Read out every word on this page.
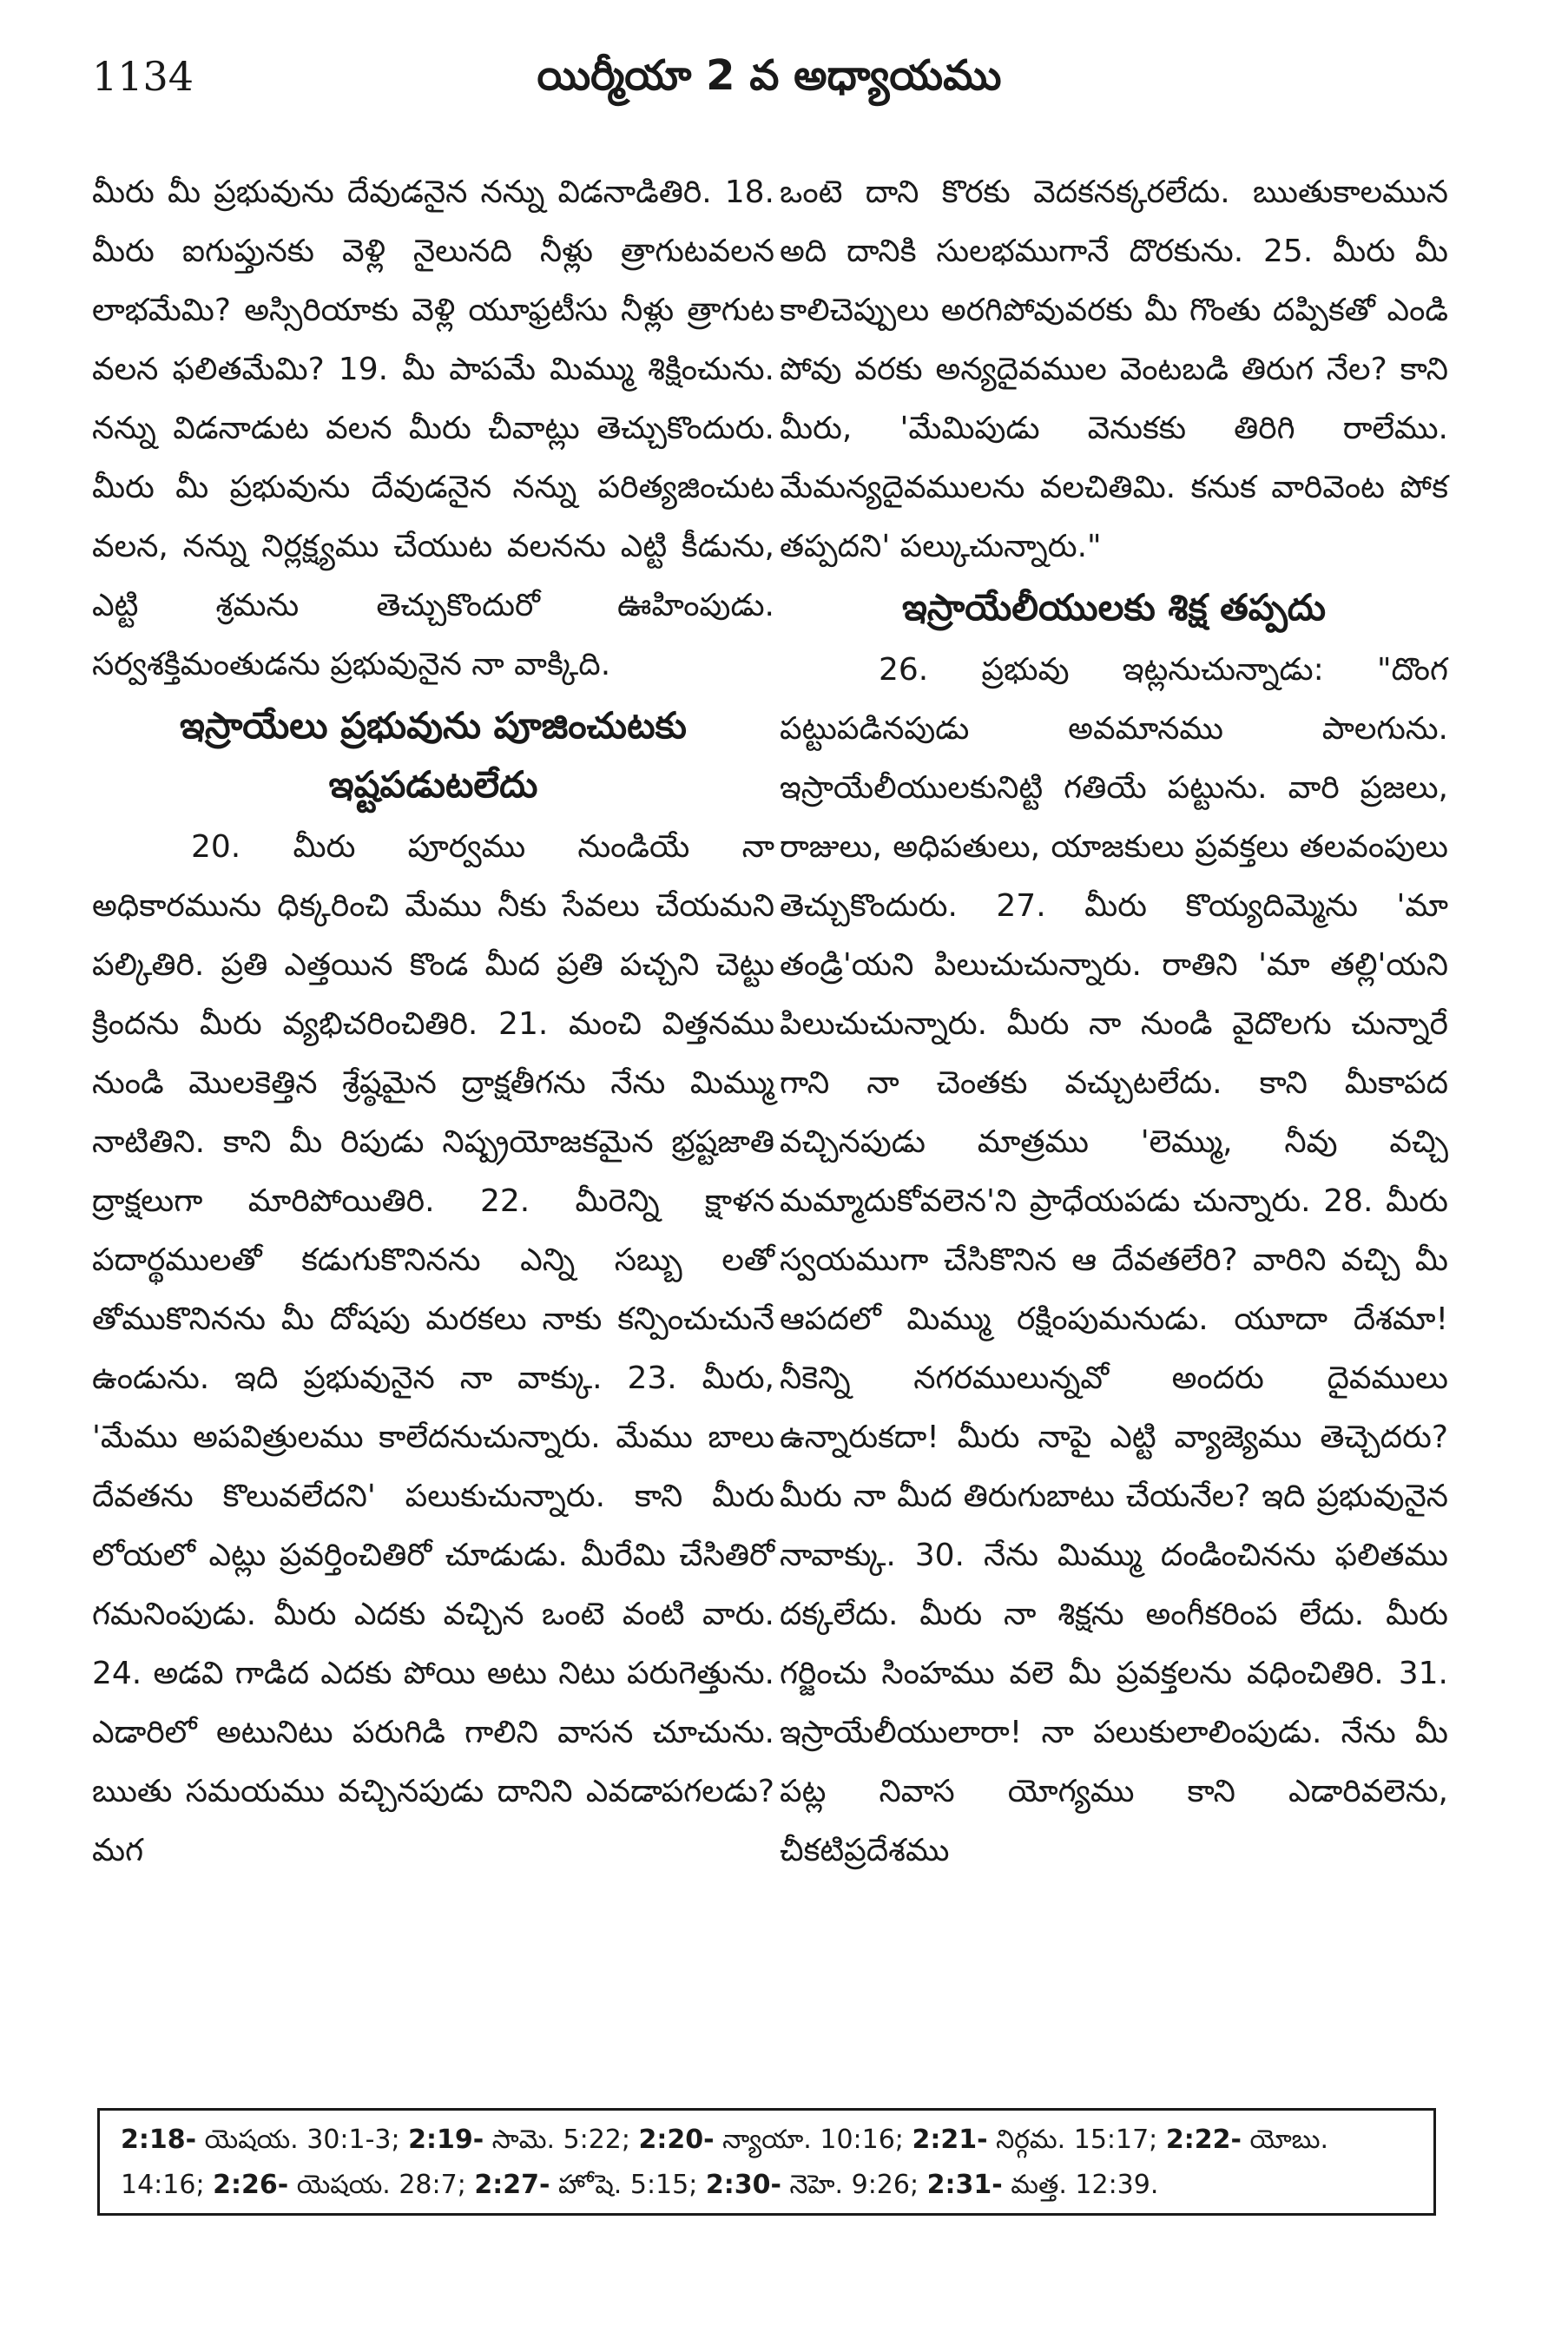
1134	యిర్మీయా 2 వ అధ్యాయము

మీరు మీ ప్రభువును దేవుడనైన నన్ను విడనాడితిరి. 18. మీరు ఐగుప్తునకు వెళ్లి నైలునది నీళ్లు త్రాగుటవలన లాభమేమి? అస్సిరియాకు వెళ్లి యూఫ్రటీసు నీళ్లు త్రాగుట వలన ఫలితమేమి? 19. మీ పాపమే మిమ్ము శిక్షించును. నన్ను విడనాడుట వలన మీరు చీవాట్లు తెచ్చుకొందురు. మీరు మీ ప్రభువును దేవుడనైన నన్ను పరిత్యజించుట వలన, నన్ను నిర్లక్ష్యము చేయుట వలనను ఎట్టి కీడును, ఎట్టి శ్రమను తెచ్చుకొందురో ఊహింపుడు. సర్వశక్తిమంతుడను ప్రభువునైన నా వాక్కిది.

ఇస్రాయేలు ప్రభువును పూజించుటకు ఇష్టపడుటలేదు

20. మీరు పూర్వము నుండియే నా అధికారమును ధిక్కరించి మేము నీకు సేవలు చేయమని పల్కితిరి. ప్రతి ఎత్తయిన కొండ మీద ప్రతి పచ్చని చెట్టు క్రిందను మీరు వ్యభిచరించితిరి. 21. మంచి విత్తనము నుండి మొలకెత్తిన శ్రేష్ఠమైన ద్రాక్షతీగను నేను మిమ్ము నాటితిని. కాని మీ రిపుడు నిష్ప్రయోజకమైన భ్రష్టజాతి ద్రాక్షలుగా మారిపోయితిరి. 22. మీరెన్ని క్షాళన పదార్థములతో కడుగుకొనినను ఎన్ని సబ్బు లతో తోముకొనినను మీ దోషపు మరకలు నాకు కన్పించుచునే ఉండును. ఇది ప్రభువునైన నా వాక్కు. 23. మీరు, 'మేము అపవిత్రులము కాలేదనుచున్నారు. మేము బాలు దేవతను కొలువలేదని' పలుకుచున్నారు. కాని మీరు లోయలో ఎట్లు ప్రవర్తించితిరో చూడుడు. మీరేమి చేసితిరో గమనింపుడు. మీరు ఎదకు వచ్చిన ఒంటె వంటి వారు. 24. అడవి గాడిద ఎదకు పోయి అటు నిటు పరుగెత్తును. ఎడారిలో అటునిటు పరుగిడి గాలిని వాసన చూచును. ఋతు సమయము వచ్చినపుడు దానిని ఎవడాపగలడు? మగ

ఒంటె దాని కొరకు వెదకనక్కరలేదు. ఋతుకాలమున అది దానికి సులభముగానే దొరకును. 25. మీరు మీ కాలిచెప్పులు అరగిపోవువరకు మీ గొంతు దప్పికతో ఎండి పోవు వరకు అన్యదైవముల వెంటబడి తిరుగ నేల? కాని మీరు, 'మేమిపుడు వెనుకకు తిరిగి రాలేము. మేమన్యదైవములను వలచితిమి. కనుక వారివెంట పోక తప్పదని' పల్కుచున్నారు."

ఇస్రాయేలీయులకు శిక్ష తప్పదు

26. ప్రభువు ఇట్లనుచున్నాడు: "దొంగ పట్టుపడినపుడు అవమానము పాలగును. ఇస్రాయేలీయులకునిట్టి గతియే పట్టును. వారి ప్రజలు, రాజులు, అధిపతులు, యాజకులు ప్రవక్తలు తలవంపులు తెచ్చుకొందురు. 27. మీరు కొయ్యదిమ్మెను 'మా తండ్రి'యని పిలుచుచున్నారు. రాతిని 'మా తల్లి'యని పిలుచుచున్నారు. మీరు నా నుండి వైదొలగు చున్నారే గాని నా చెంతకు వచ్చుటలేదు. కాని మీకాపద వచ్చినపుడు మాత్రము 'లెమ్ము, నీవు వచ్చి మమ్మాదుకోవలెన'ని ప్రాధేయపడు చున్నారు. 28. మీరు స్వయముగా చేసికొనిన ఆ దేవతలేరి? వారిని వచ్చి మీ ఆపదలో మిమ్ము రక్షింపుమనుడు. యూదా దేశమా! నీకెన్ని నగరములున్నవో అందరు దైవములు ఉన్నారుకదా! మీరు నాపై ఎట్టి వ్యాజ్యెము తెచ్చెదరు? మీరు నా మీద తిరుగుబాటు చేయనేల? ఇది ప్రభువునైన నావాక్కు. 30. నేను మిమ్ము దండించినను ఫలితము దక్కలేదు. మీరు నా శిక్షను అంగీకరింప లేదు. మీరు గర్జించు సింహము వలె మీ ప్రవక్తలను వధించితిరి. 31. ఇస్రాయేలీయులారా! నా పలుకులాలింపుడు. నేను మీ పట్ల నివాస యోగ్యము కాని ఎడారివలెను, చీకటిప్రదేశము

2:18- యెషయ. 30:1-3; 2:19- సామె. 5:22; 2:20- న్యాయా. 10:16; 2:21- నిర్గమ. 15:17; 2:22- యోబు. 14:16; 2:26- యెషయ. 28:7; 2:27- హోషె. 5:15; 2:30- నెహె. 9:26; 2:31- మత్త. 12:39.
